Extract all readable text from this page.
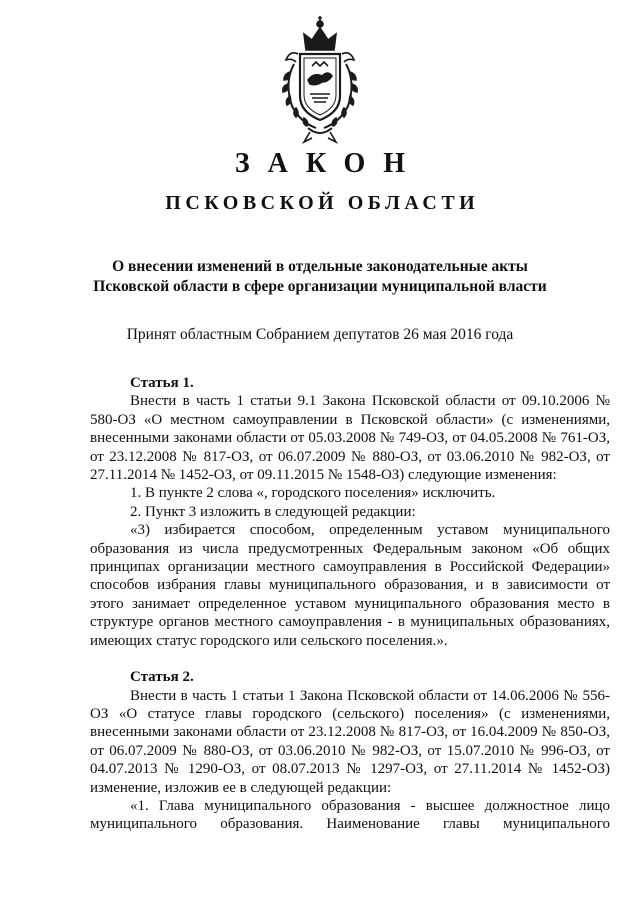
ЗАКОН
ПСКОВСКОЙ ОБЛАСТИ
О внесении изменений в отдельные законодательные акты
Псковской области в сфере организации муниципальной власти
Принят областным Собранием депутатов 26 мая 2016 года

Статья 1.

Внести в часть 1 статьи 9.1 Закона Псковской области от 09.10.2006 № 580-ОЗ «О местном самоуправлении в Псковской области» (с изменениями, внесенными законами области от 05.03.2008 № 749-ОЗ, от 04.05.2008 № 761-ОЗ, от 23.12.2008 № 817-ОЗ, от 06.07.2009 № 880-ОЗ, от 03.06.2010 № 982-ОЗ, от 27.11.2014 № 1452-ОЗ, от 09.11.2015 № 1548-ОЗ) следующие изменения:

1. В пункте 2 слова «, городского поселения» исключить.

2. Пункт 3 изложить в следующей редакции:

«3) избирается способом, определенным уставом муниципального образования из числа предусмотренных Федеральным законом «Об общих принципах организации местного самоуправления в Российской Федерации» способов избрания главы муниципального образования, и в зависимости от этого занимает определенное уставом муниципального образования место в структуре органов местного самоуправления - в муниципальных образованиях, имеющих статус городского или сельского поселения.».

Статья 2.

Внести в часть 1 статьи 1 Закона Псковской области от 14.06.2006 № 556-ОЗ «О статусе главы городского (сельского) поселения» (с изменениями, внесенными законами области от 23.12.2008 № 817-ОЗ, от 16.04.2009 № 850-ОЗ, от 06.07.2009 № 880-ОЗ, от 03.06.2010 № 982-ОЗ, от 15.07.2010 № 996-ОЗ, от 04.07.2013 № 1290-ОЗ, от 08.07.2013 № 1297-ОЗ, от 27.11.2014 № 1452-ОЗ) изменение, изложив ее в следующей редакции:

«1. Глава муниципального образования - высшее должностное лицо муниципального образования. Наименование главы муниципального
